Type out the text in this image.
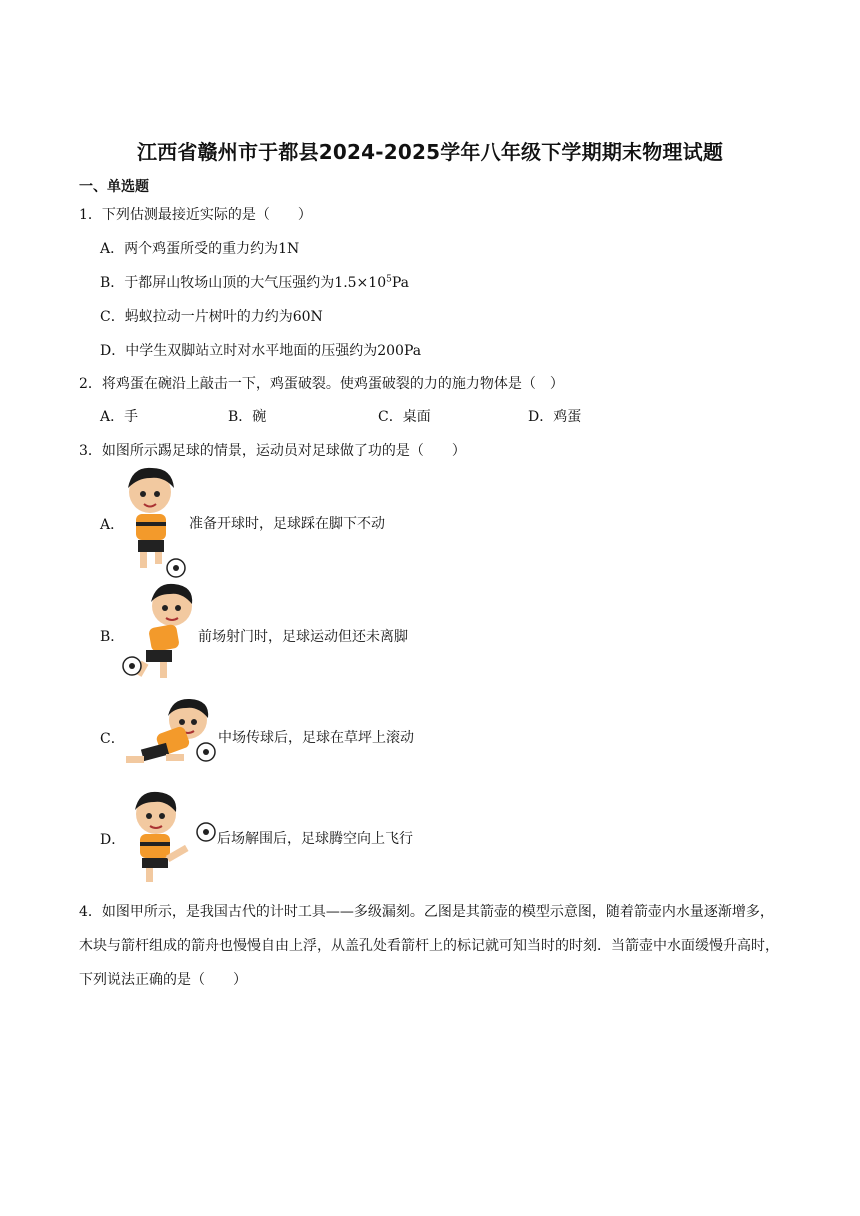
江西省赣州市于都县2024-2025学年八年级下学期期末物理试题
一、单选题
1．下列估测最接近实际的是（　　）
A．两个鸡蛋所受的重力约为1N
B．于都屏山牧场山顶的大气压强约为$1.5\times 10^5Pa$
C．蚂蚁拉动一片树叶的力约为60N
D．中学生双脚站立时对水平地面的压强约为200Pa
2．将鸡蛋在碗沿上敲击一下，鸡蛋破裂。使鸡蛋破裂的力的施力物体是（　）
A．手	B．碗	C．桌面	D．鸡蛋
3．如图所示踢足球的情景，运动员对足球做了功的是（　　）
A．	准备开球时，足球踩在脚下不动
B．	前场射门时，足球运动但还未离脚
C．	中场传球后，足球在草坪上滚动
D．	后场解围后，足球腾空向上飞行
4．如图甲所示，是我国古代的计时工具——多级漏刻。乙图是其箭壶的模型示意图，随着箭壶内水量逐渐增多，木块与箭杆组成的箭舟也慢慢自由上浮，从盖孔处看箭杆上的标记就可知当时的时刻．当箭壶中水面缓慢升高时，下列说法正确的是（　　）
